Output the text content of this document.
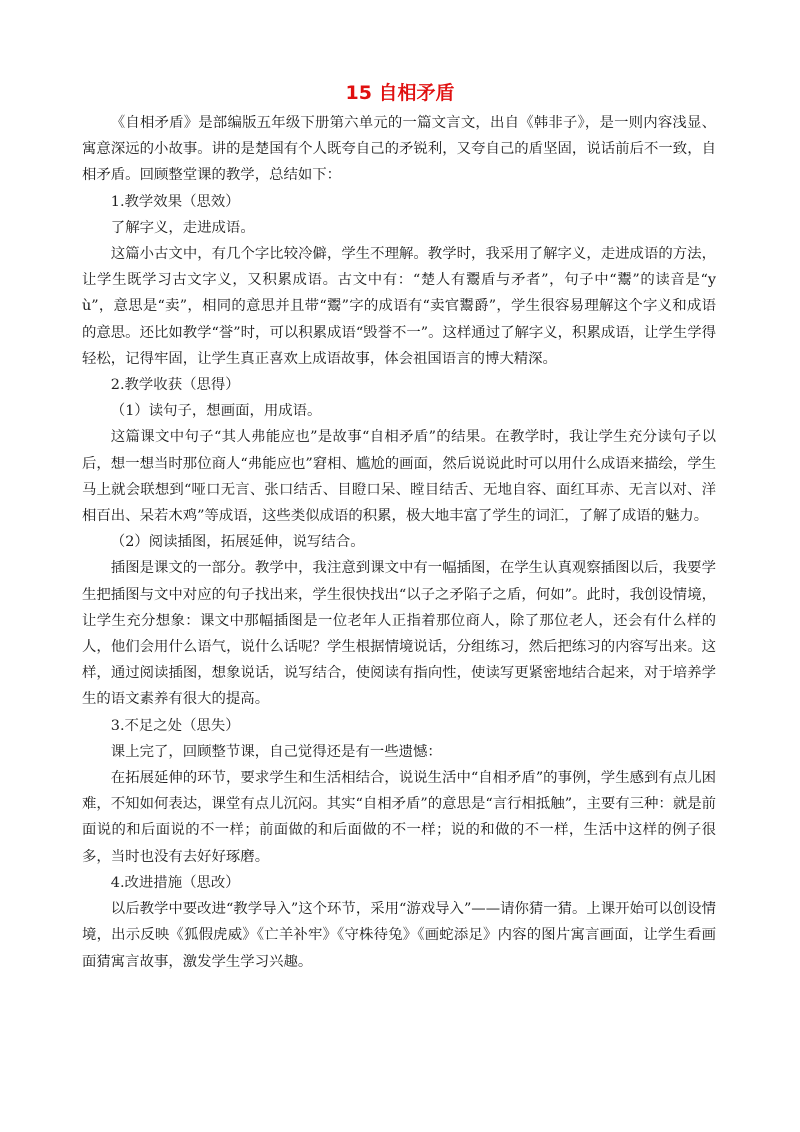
15 自相矛盾

《自相矛盾》是部编版五年级下册第六单元的一篇文言文，出自《韩非子》，是一则内容浅显、寓意深远的小故事。讲的是楚国有个人既夸自己的矛锐利，又夸自己的盾坚固，说话前后不一致，自相矛盾。回顾整堂课的教学，总结如下：

1.教学效果（思效）

了解字义，走进成语。

这篇小古文中，有几个字比较冷僻，学生不理解。教学时，我采用了解字义，走进成语的方法，让学生既学习古文字义，又积累成语。古文中有：“楚人有鬻盾与矛者”，句子中“鬻”的读音是“yù”，意思是“卖”，相同的意思并且带“鬻”字的成语有“卖官鬻爵”，学生很容易理解这个字义和成语的意思。还比如教学“誉”时，可以积累成语“毁誉不一”。这样通过了解字义，积累成语，让学生学得轻松，记得牢固，让学生真正喜欢上成语故事，体会祖国语言的博大精深。

2.教学收获（思得）

（1）读句子，想画面，用成语。

这篇课文中句子“其人弗能应也”是故事“自相矛盾”的结果。在教学时，我让学生充分读句子以后，想一想当时那位商人“弗能应也”窘相、尴尬的画面，然后说说此时可以用什么成语来描绘，学生马上就会联想到“哑口无言、张口结舌、目瞪口呆、瞠目结舌、无地自容、面红耳赤、无言以对、洋相百出、呆若木鸡”等成语，这些类似成语的积累，极大地丰富了学生的词汇，了解了成语的魅力。

（2）阅读插图，拓展延伸，说写结合。

插图是课文的一部分。教学中，我注意到课文中有一幅插图，在学生认真观察插图以后，我要学生把插图与文中对应的句子找出来，学生很快找出“以子之矛陷子之盾，何如”。此时，我创设情境，让学生充分想象：课文中那幅插图是一位老年人正指着那位商人，除了那位老人，还会有什么样的人，他们会用什么语气，说什么话呢？学生根据情境说话，分组练习，然后把练习的内容写出来。这样，通过阅读插图，想象说话，说写结合，使阅读有指向性，使读写更紧密地结合起来，对于培养学生的语文素养有很大的提高。

3.不足之处（思失）

课上完了，回顾整节课，自己觉得还是有一些遗憾：

在拓展延伸的环节，要求学生和生活相结合，说说生活中“自相矛盾”的事例，学生感到有点儿困难，不知如何表达，课堂有点儿沉闷。其实“自相矛盾”的意思是“言行相抵触”，主要有三种：就是前面说的和后面说的不一样；前面做的和后面做的不一样；说的和做的不一样，生活中这样的例子很多，当时也没有去好好琢磨。

4.改进措施（思改）

以后教学中要改进“教学导入”这个环节，采用“游戏导入”——请你猜一猜。上课开始可以创设情境，出示反映《狐假虎威》《亡羊补牢》《守株待兔》《画蛇添足》内容的图片寓言画面，让学生看画面猜寓言故事，激发学生学习兴趣。
